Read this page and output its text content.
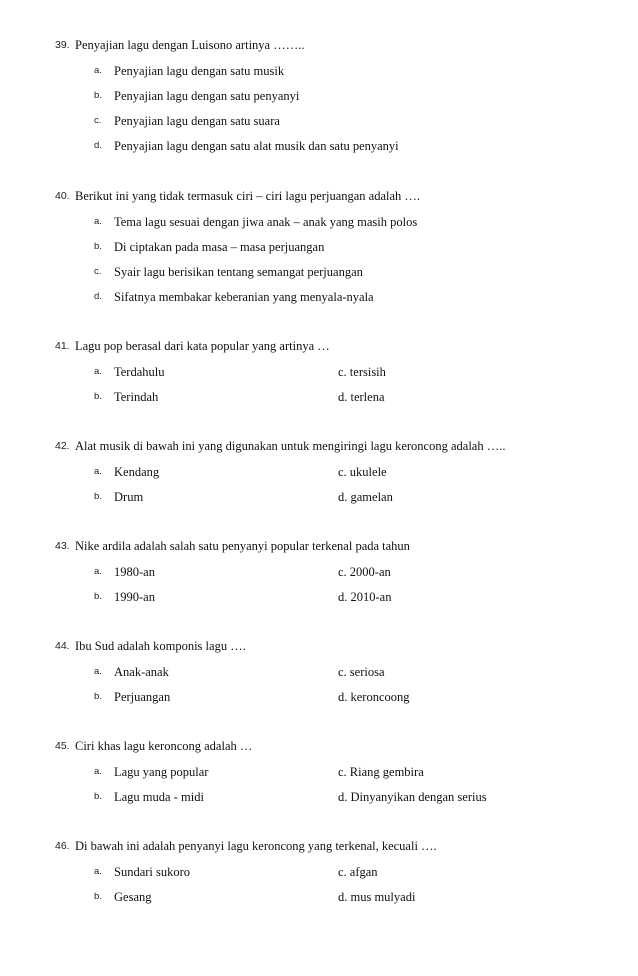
39. Penyajian lagu dengan Luisono artinya ……..
a. Penyajian lagu dengan satu musik
b. Penyajian lagu dengan satu penyanyi
c. Penyajian lagu dengan satu suara
d. Penyajian lagu dengan satu alat musik dan satu penyanyi
40. Berikut ini yang tidak termasuk ciri – ciri lagu perjuangan adalah ….
a. Tema lagu sesuai dengan jiwa anak – anak yang masih polos
b. Di ciptakan pada masa – masa perjuangan
c. Syair lagu berisikan tentang semangat perjuangan
d. Sifatnya membakar keberanian yang menyala-nyala
41. Lagu pop berasal dari kata popular yang artinya …
a. Terdahulu	c. tersisih
b. Terindah	d. terlena
42. Alat musik di bawah ini yang digunakan untuk mengiringi lagu keroncong adalah …..
a. Kendang	c. ukulele
b. Drum	d. gamelan
43. Nike ardila adalah salah satu penyanyi popular terkenal pada tahun
a. 1980-an	c. 2000-an
b. 1990-an	d. 2010-an
44. Ibu Sud adalah komponis lagu ….
a. Anak-anak	c. seriosa
b. Perjuangan	d. keroncoong
45. Ciri khas lagu keroncong adalah …
a. Lagu yang popular	c. Riang gembira
b. Lagu muda - midi	d. Dinyanyikan dengan serius
46. Di bawah ini adalah penyanyi lagu keroncong yang terkenal, kecuali ….
a. Sundari sukoro	c. afgan
b. Gesang	d. mus mulyadi
